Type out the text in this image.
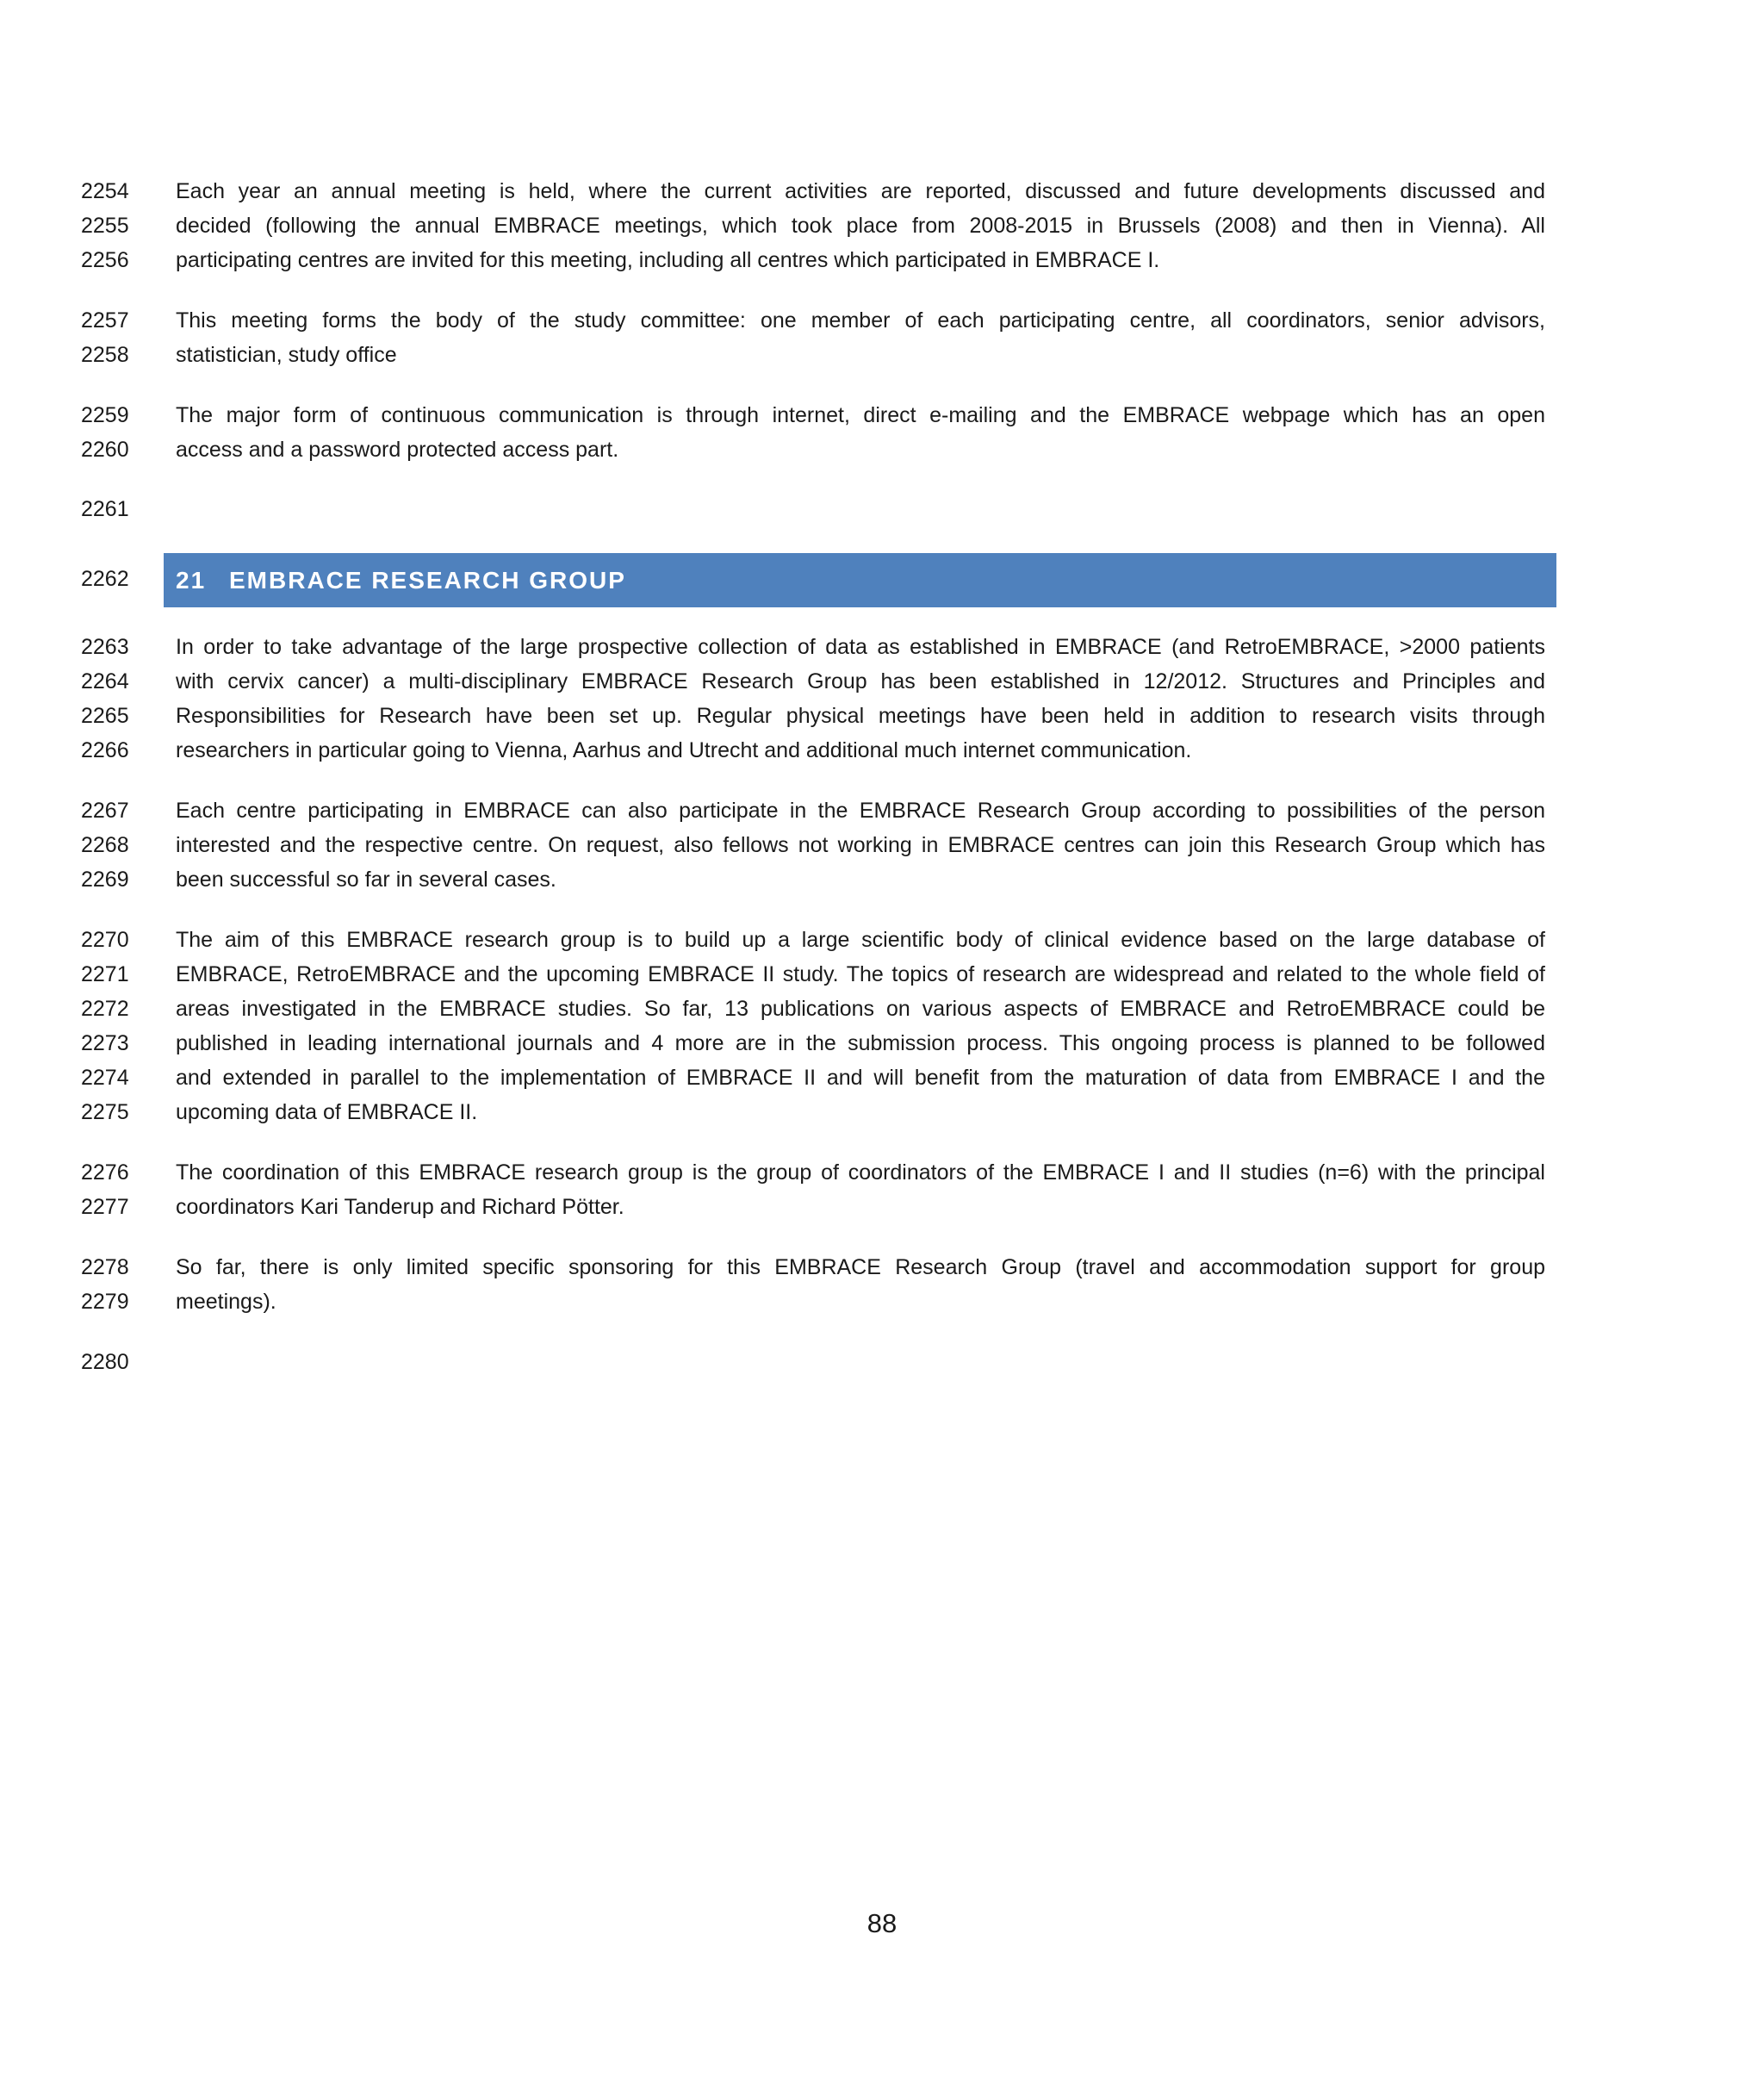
2254 Each year an annual meeting is held, where the current activities are reported, discussed and future developments discussed and
2255 decided (following the annual EMBRACE meetings, which took place from 2008-2015 in Brussels (2008) and then in Vienna). All
2256 participating centres are invited for this meeting, including all centres which participated in EMBRACE I.
2257 This meeting forms the body of the study committee: one member of each participating centre, all coordinators, senior advisors,
2258 statistician, study office
2259 The major form of continuous communication is through internet, direct e-mailing and the EMBRACE webpage which has an open
2260 access and a password protected access part.
2261
21 EMBRACE RESEARCH GROUP
2262
2263 In order to take advantage of the large prospective collection of data as established in EMBRACE (and RetroEMBRACE, >2000 patients
2264 with cervix cancer) a multi-disciplinary EMBRACE Research Group has been established in 12/2012. Structures and Principles and
2265 Responsibilities for Research have been set up. Regular physical meetings have been held in addition to research visits through
2266 researchers in particular going to Vienna, Aarhus and Utrecht and additional much internet communication.
2267 Each centre participating in EMBRACE can also participate in the EMBRACE Research Group according to possibilities of the person
2268 interested and the respective centre. On request, also fellows not working in EMBRACE centres can join this Research Group which has
2269 been successful so far in several cases.
2270 The aim of this EMBRACE research group is to build up a large scientific body of clinical evidence based on the large database of
2271 EMBRACE, RetroEMBRACE and the upcoming EMBRACE II study. The topics of research are widespread and related to the whole field of
2272 areas investigated in the EMBRACE studies. So far, 13 publications on various aspects of EMBRACE and RetroEMBRACE could be
2273 published in leading international journals and 4 more are in the submission process. This ongoing process is planned to be followed
2274 and extended in parallel to the implementation of EMBRACE II and will benefit from the maturation of data from EMBRACE I and the
2275 upcoming data of EMBRACE II.
2276 The coordination of this EMBRACE research group is the group of coordinators of the EMBRACE I and II studies (n=6) with the principal
2277 coordinators Kari Tanderup and Richard Pötter.
2278 So far, there is only limited specific sponsoring for this EMBRACE Research Group (travel and accommodation support for group
2279 meetings).
2280
88
